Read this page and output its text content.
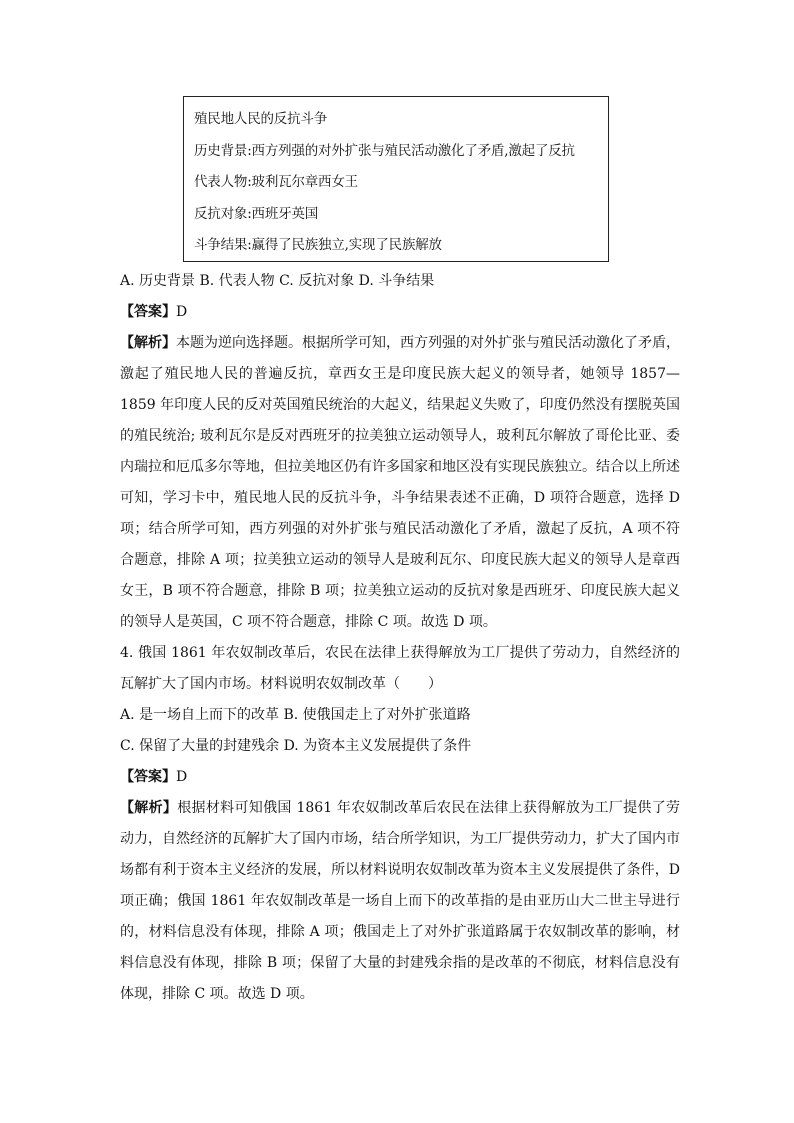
殖民地人民的反抗斗争
历史背景:西方列强的对外扩张与殖民活动激化了矛盾,激起了反抗
代表人物:玻利瓦尔章西女王
反抗对象:西班牙英国
斗争结果:赢得了民族独立,实现了民族解放
A. 历史背景 B. 代表人物 C. 反抗对象 D. 斗争结果
【答案】D
【解析】本题为逆向选择题。根据所学可知，西方列强的对外扩张与殖民活动激化了矛盾，激起了殖民地人民的普遍反抗，章西女王是印度民族大起义的领导者，她领导 1857—1859 年印度人民的反对英国殖民统治的大起义，结果起义失败了，印度仍然没有摆脱英国的殖民统治; 玻利瓦尔是反对西班牙的拉美独立运动领导人，玻利瓦尔解放了哥伦比亚、委内瑞拉和厄瓜多尔等地，但拉美地区仍有许多国家和地区没有实现民族独立。结合以上所述可知，学习卡中，殖民地人民的反抗斗争，斗争结果表述不正确，D 项符合题意，选择 D 项；结合所学可知，西方列强的对外扩张与殖民活动激化了矛盾，激起了反抗，A 项不符合题意，排除 A 项；拉美独立运动的领导人是玻利瓦尔、印度民族大起义的领导人是章西女王，B 项不符合题意，排除 B 项；拉美独立运动的反抗对象是西班牙、印度民族大起义的领导人是英国，C 项不符合题意，排除 C 项。故选 D 项。
4. 俄国 1861 年农奴制改革后，农民在法律上获得解放为工厂提供了劳动力，自然经济的瓦解扩大了国内市场。材料说明农奴制改革（　　）
A. 是一场自上而下的改革 B. 使俄国走上了对外扩张道路
C. 保留了大量的封建残余 D. 为资本主义发展提供了条件
【答案】D
【解析】根据材料可知俄国 1861 年农奴制改革后农民在法律上获得解放为工厂提供了劳动力，自然经济的瓦解扩大了国内市场，结合所学知识，为工厂提供劳动力，扩大了国内市场都有利于资本主义经济的发展，所以材料说明农奴制改革为资本主义发展提供了条件，D 项正确；俄国 1861 年农奴制改革是一场自上而下的改革指的是由亚历山大二世主导进行的，材料信息没有体现，排除 A 项；俄国走上了对外扩张道路属于农奴制改革的影响，材料信息没有体现，排除 B 项；保留了大量的封建残余指的是改革的不彻底，材料信息没有体现，排除 C 项。故选 D 项。
